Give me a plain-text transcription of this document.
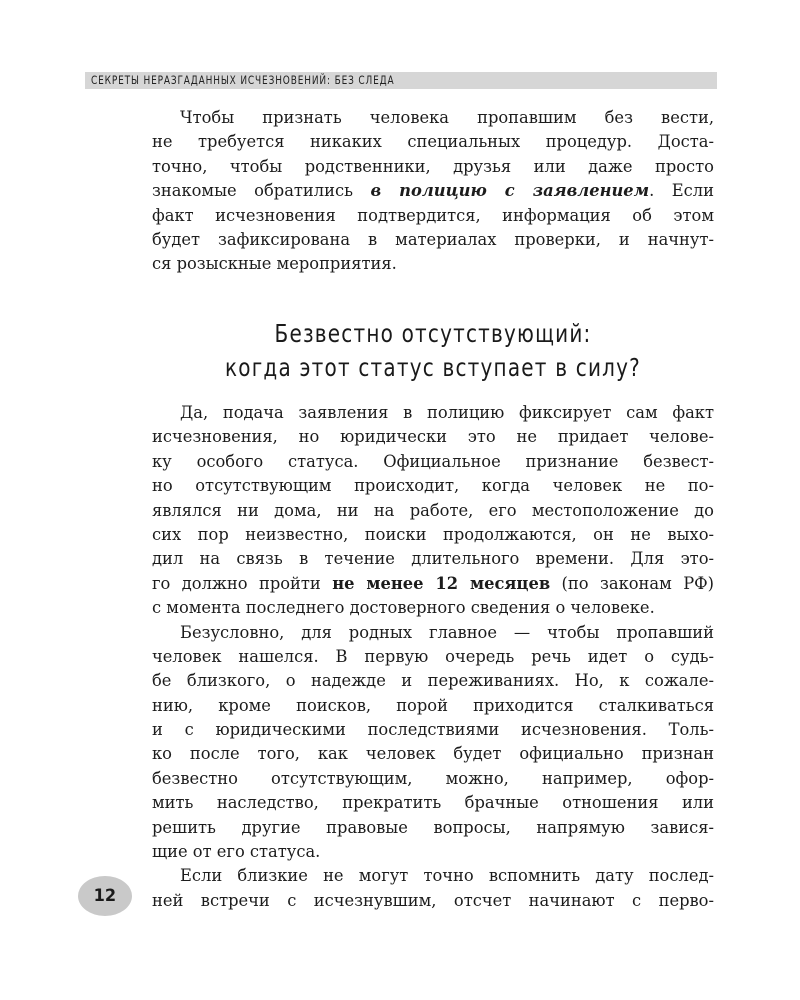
СЕКРЕТЫ НЕРАЗГАДАННЫХ ИСЧЕЗНОВЕНИЙ: БЕЗ СЛЕДА
Чтобы признать человека пропавшим без вести,
не требуется никаких специальных процедур. Доста-
точно, чтобы родственники, друзья или даже просто
знакомые обратились в полицию с заявлением. Если
факт исчезновения подтвердится, информация об этом
будет зафиксирована в материалах проверки, и начнут-
ся розыскные мероприятия.
Безвестно отсутствующий:
когда этот статус вступает в силу?
Да, подача заявления в полицию фиксирует сам факт
исчезновения, но юридически это не придает челове-
ку особого статуса. Официальное признание безвест-
но отсутствующим происходит, когда человек не по-
являлся ни дома, ни на работе, его местоположение до
сих пор неизвестно, поиски продолжаются, он не выхо-
дил на связь в течение длительного времени. Для это-
го должно пройти не менее 12 месяцев (по законам РФ)
с момента последнего достоверного сведения о человеке.
Безусловно, для родных главное — чтобы пропавший
человек нашелся. В первую очередь речь идет о судь-
бе близкого, о надежде и переживаниях. Но, к сожале-
нию, кроме поисков, порой приходится сталкиваться
и с юридическими последствиями исчезновения. Толь-
ко после того, как человек будет официально признан
безвестно отсутствующим, можно, например, офор-
мить наследство, прекратить брачные отношения или
решить другие правовые вопросы, напрямую завися-
щие от его статуса.
Если близкие не могут точно вспомнить дату послед-
ней встречи с исчезнувшим, отсчет начинают с перво-
12
